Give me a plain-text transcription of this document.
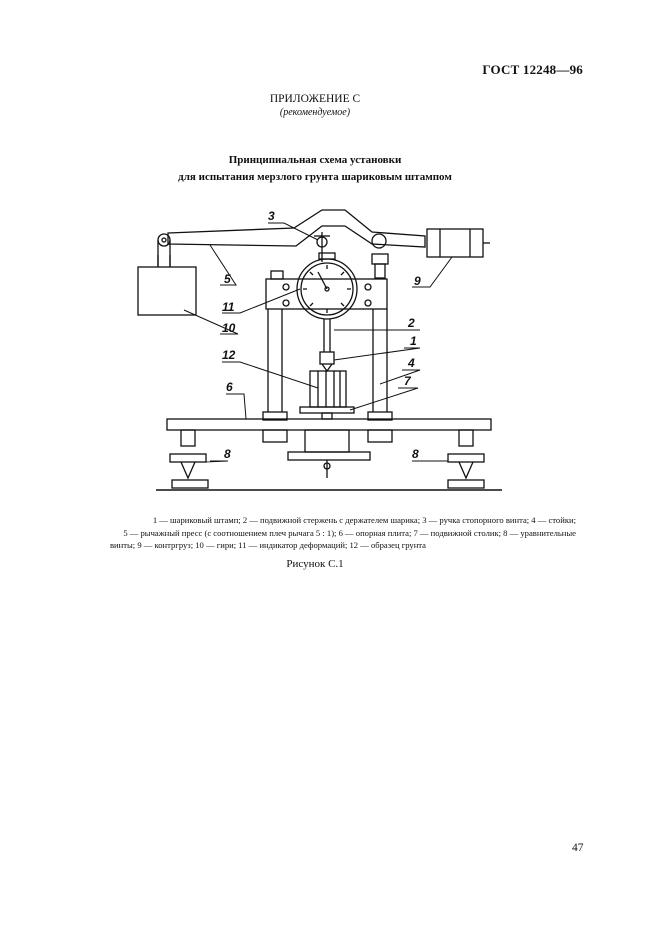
ГОСТ 12248—96
ПРИЛОЖЕНИЕ С
(рекомендуемое)
Принципиальная схема установки
для испытания мерзлого грунта шариковым штампом
3
5
11
10
9
2
1
12
4
6	7
8	8
1 — шариковый штамп; 2 — подвижной стержень с держателем шарика; 3 — ручка стопорного винта; 4 — стойки;
5 — рычажный пресс (с соотношением плеч рычага 5 : 1); 6 — опорная плита; 7 — подвижной столик; 8 — уравнительные
винты; 9 — контргруз; 10 — гири; 11 — индикатор деформаций; 12 — образец грунта
Рисунок С.1
47
